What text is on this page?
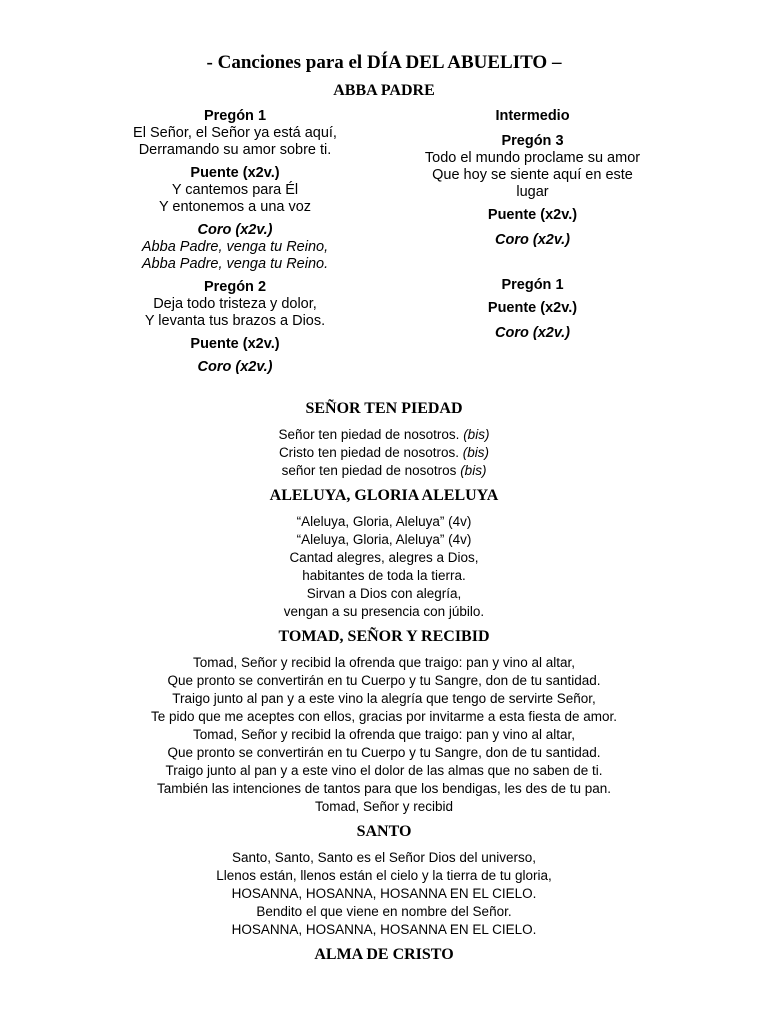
- Canciones para el DÍA DEL ABUELITO –
ABBA PADRE
Pregón 1
El Señor, el Señor ya está aquí,
Derramando su amor sobre ti.
Puente (x2v.)
Y cantemos para Él
Y entonemos a una voz
Coro (x2v.)
Abba Padre, venga tu Reino,
Abba Padre, venga tu Reino.
Pregón 2
Deja todo tristeza y dolor,
Y levanta tus brazos a Dios.
Puente (x2v.)
Coro (x2v.)
Intermedio
Pregón 3
Todo el mundo proclame su amor
Que hoy se siente aquí en este
lugar
Puente (x2v.)
Coro (x2v.)
Pregón 1
Puente (x2v.)
Coro (x2v.)
SEÑOR TEN PIEDAD
Señor ten piedad de nosotros. (bis)
Cristo ten piedad de nosotros. (bis)
señor ten piedad de nosotros (bis)
ALELUYA, GLORIA ALELUYA
“Aleluya, Gloria, Aleluya” (4v)
“Aleluya, Gloria, Aleluya” (4v)
Cantad alegres, alegres a Dios,
habitantes de toda la tierra.
Sirvan a Dios con alegría,
vengan a su presencia con júbilo.
TOMAD, SEÑOR Y RECIBID
Tomad, Señor y recibid la ofrenda que traigo: pan y vino al altar,
Que pronto se convertirán en tu Cuerpo y tu Sangre, don de tu santidad.
Traigo junto al pan y a este vino la alegría que tengo de servirte Señor,
Te pido que me aceptes con ellos, gracias por invitarme a esta fiesta de amor.
Tomad, Señor y recibid la ofrenda que traigo: pan y vino al altar,
Que pronto se convertirán en tu Cuerpo y tu Sangre, don de tu santidad.
Traigo junto al pan y a este vino el dolor de las almas que no saben de ti.
También las intenciones de tantos para que los bendigas, les des de tu pan.
Tomad, Señor y recibid
SANTO
Santo, Santo, Santo es el Señor Dios del universo,
Llenos están, llenos están el cielo y la tierra de tu gloria,
HOSANNA, HOSANNA, HOSANNA EN EL CIELO.
Bendito el que viene en nombre del Señor.
HOSANNA, HOSANNA, HOSANNA EN EL CIELO.
ALMA DE CRISTO
